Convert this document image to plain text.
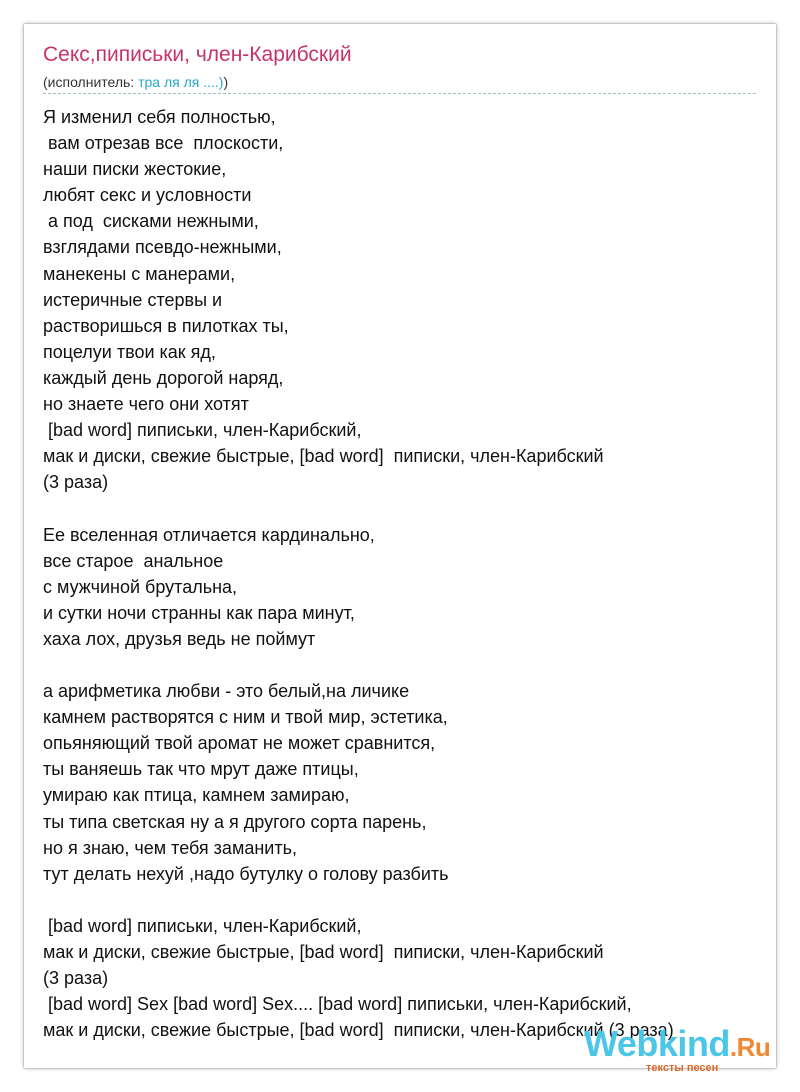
Секс,пиписьки, член-Карибский
(исполнитель: тра ля ля ....))
Я изменил себя полностью,
вам отрезав все  плоскости,
наши писки жестокие,
любят секс и условности
а под  сисками нежными,
взглядами псевдо-нежными,
манекены с манерами,
истеричные стервы и
растворишься в пилотках ты,
поцелуи твои как яд,
каждый день дорогой наряд,
но знаете чего они хотят
[bad word] пиписьки, член-Карибский,
мак и диски, свежие быстрые, [bad word]  пиписки, член-Карибский
(3 раза)

Ее вселенная отличается кардинально,
все старое  анальное
с мужчиной брутальна,
и сутки ночи странны как пара минут,
хаха лох, друзья ведь не поймут

а арифметика любви - это белый,на личике
камнем растворятся с ним и твой мир, эстетика,
опьяняющий твой аромат не может сравнится,
ты ваняешь так что мрут даже птицы,
умираю как птица, камнем замираю,
ты типа светская ну а я другого сорта парень,
но я знаю, чем тебя заманить,
тут делать нехуй ,надо бутулку о голову разбить

[bad word] пиписьки, член-Карибский,
мак и диски, свежие быстрые, [bad word]  пиписки, член-Карибский
(3 раза)
[bad word] Sex [bad word] Sex.... [bad word] пиписьки, член-Карибский,
мак и диски, свежие быстрые, [bad word]  пиписки, член-Карибский (3 раза)
Webkind.Ru
тексты песен
